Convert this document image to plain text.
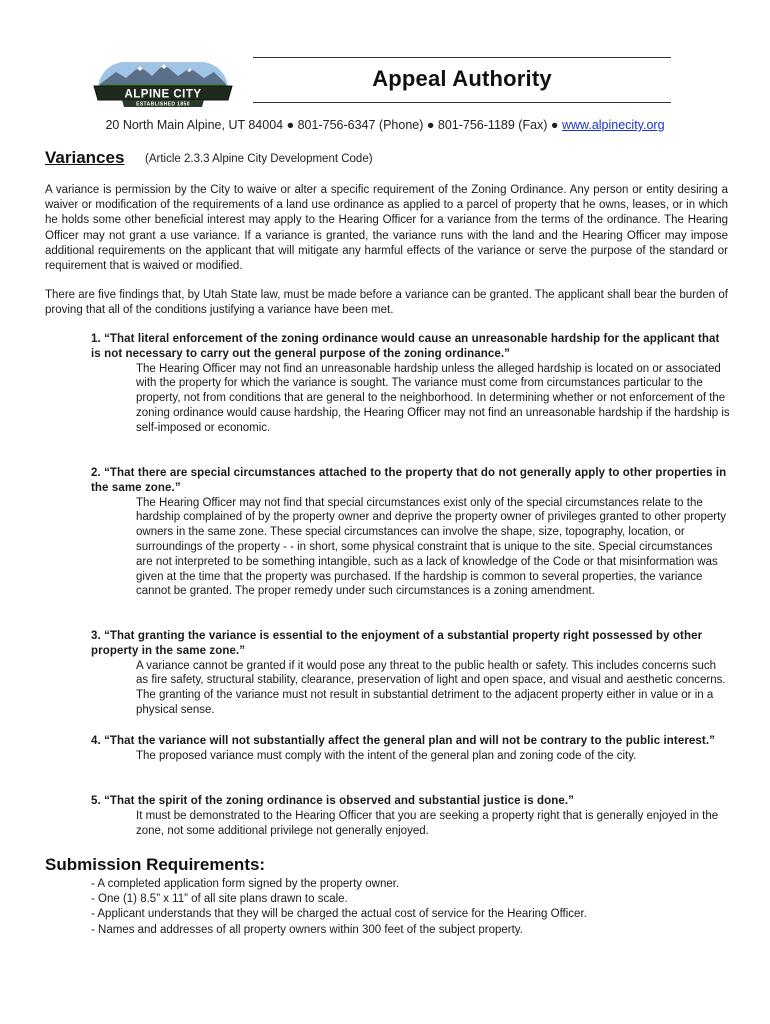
ALPINE CITY
ESTABLISHED 1850
Appeal Authority
20 North Main Alpine, UT 84004 ● 801-756-6347 (Phone) ● 801-756-1189 (Fax) ● www.alpinecity.org
Variances (Article 2.3.3 Alpine City Development Code)

A variance is permission by the City to waive or alter a specific requirement of the Zoning Ordinance. Any person or entity desiring a waiver or modification of the requirements of a land use ordinance as applied to a parcel of property that he owns, leases, or in which he holds some other beneficial interest may apply to the Hearing Officer for a variance from the terms of the ordinance. The Hearing Officer may not grant a use variance. If a variance is granted, the variance runs with the land and the Hearing Officer may impose additional requirements on the applicant that will mitigate any harmful effects of the variance or serve the purpose of the standard or requirement that is waived or modified.

There are five findings that, by Utah State law, must be made before a variance can be granted. The applicant shall bear the burden of proving that all of the conditions justifying a variance have been met.

1. “That literal enforcement of the zoning ordinance would cause an unreasonable hardship for the applicant that is not necessary to carry out the general purpose of the zoning ordinance.”
The Hearing Officer may not find an unreasonable hardship unless the alleged hardship is located on or associated with the property for which the variance is sought. The variance must come from circumstances particular to the property, not from conditions that are general to the neighborhood. In determining whether or not enforcement of the zoning ordinance would cause hardship, the Hearing Officer may not find an unreasonable hardship if the hardship is self-imposed or economic.
2. “That there are special circumstances attached to the property that do not generally apply to other properties in the same zone.”
The Hearing Officer may not find that special circumstances exist only of the special circumstances relate to the hardship complained of by the property owner and deprive the property owner of privileges granted to other property owners in the same zone. These special circumstances can involve the shape, size, topography, location, or surroundings of the property - - in short, some physical constraint that is unique to the site. Special circumstances are not interpreted to be something intangible, such as a lack of knowledge of the Code or that misinformation was given at the time that the property was purchased. If the hardship is common to several properties, the variance cannot be granted. The proper remedy under such circumstances is a zoning amendment.
3. “That granting the variance is essential to the enjoyment of a substantial property right possessed by other property in the same zone.”
A variance cannot be granted if it would pose any threat to the public health or safety. This includes concerns such as fire safety, structural stability, clearance, preservation of light and open space, and visual and aesthetic concerns. The granting of the variance must not result in substantial detriment to the adjacent property either in value or in a physical sense.
4. “That the variance will not substantially affect the general plan and will not be contrary to the public interest.”
The proposed variance must comply with the intent of the general plan and zoning code of the city.
5. “That the spirit of the zoning ordinance is observed and substantial justice is done.”
It must be demonstrated to the Hearing Officer that you are seeking a property right that is generally enjoyed in the zone, not some additional privilege not generally enjoyed.
Submission Requirements:
- A completed application form signed by the property owner.
- One (1) 8.5” x 11” of all site plans drawn to scale.
- Applicant understands that they will be charged the actual cost of service for the Hearing Officer.
- Names and addresses of all property owners within 300 feet of the subject property.
